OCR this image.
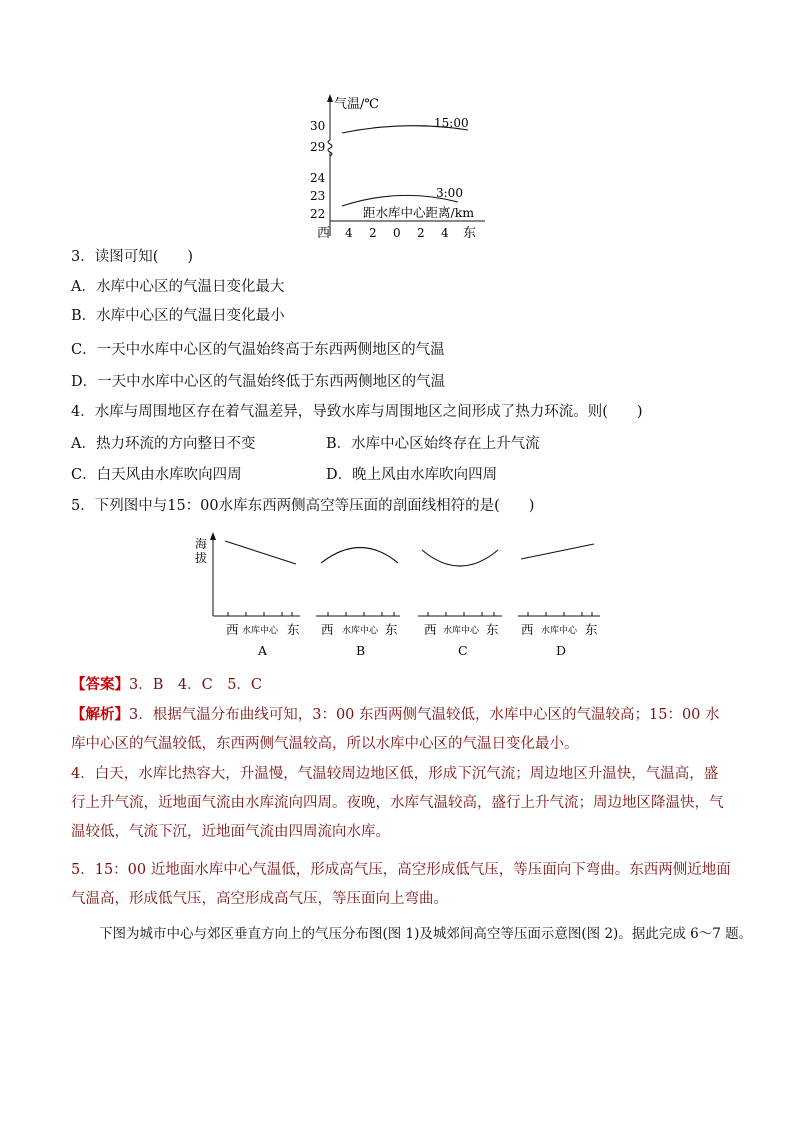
气温/℃
30
29
24
23
22
15:00
3:00
距水库中心距离/km
西 4 2 0 2 4 东
3．读图可知(　　)
A．水库中心区的气温日变化最大
B．水库中心区的气温日变化最小
C．一天中水库中心区的气温始终高于东西两侧地区的气温
D．一天中水库中心区的气温始终低于东西两侧地区的气温
4．水库与周围地区存在着气温差异，导致水库与周围地区之间形成了热力环流。则(　　)
A．热力环流的方向整日不变	B．水库中心区始终存在上升气流
C．白天风由水库吹向四周	D．晚上风由水库吹向四周
5．下列图中与15：00水库东西两侧高空等压面的剖面线相符的是(　　)
海 拔
西 水库中心 东
A
西 水库中心 东
B
西 水库中心 东
C
西 水库中心 东
D
【答案】3．B　4．C　5．C
【解析】3．根据气温分布曲线可知，3：00 东西两侧气温较低，水库中心区的气温较高；15：00 水库中心区的气温较低，东西两侧气温较高，所以水库中心区的气温日变化最小。
4．白天，水库比热容大，升温慢，气温较周边地区低，形成下沉气流；周边地区升温快，气温高，盛行上升气流，近地面气流由水库流向四周。夜晚，水库气温较高，盛行上升气流；周边地区降温快，气温较低，气流下沉，近地面气流由四周流向水库。
5．15：00 近地面水库中心气温低，形成高气压，高空形成低气压，等压面向下弯曲。东西两侧近地面气温高，形成低气压，高空形成高气压，等压面向上弯曲。
下图为城市中心与郊区垂直方向上的气压分布图(图 1)及城郊间高空等压面示意图(图 2)。据此完成 6～7 题。
